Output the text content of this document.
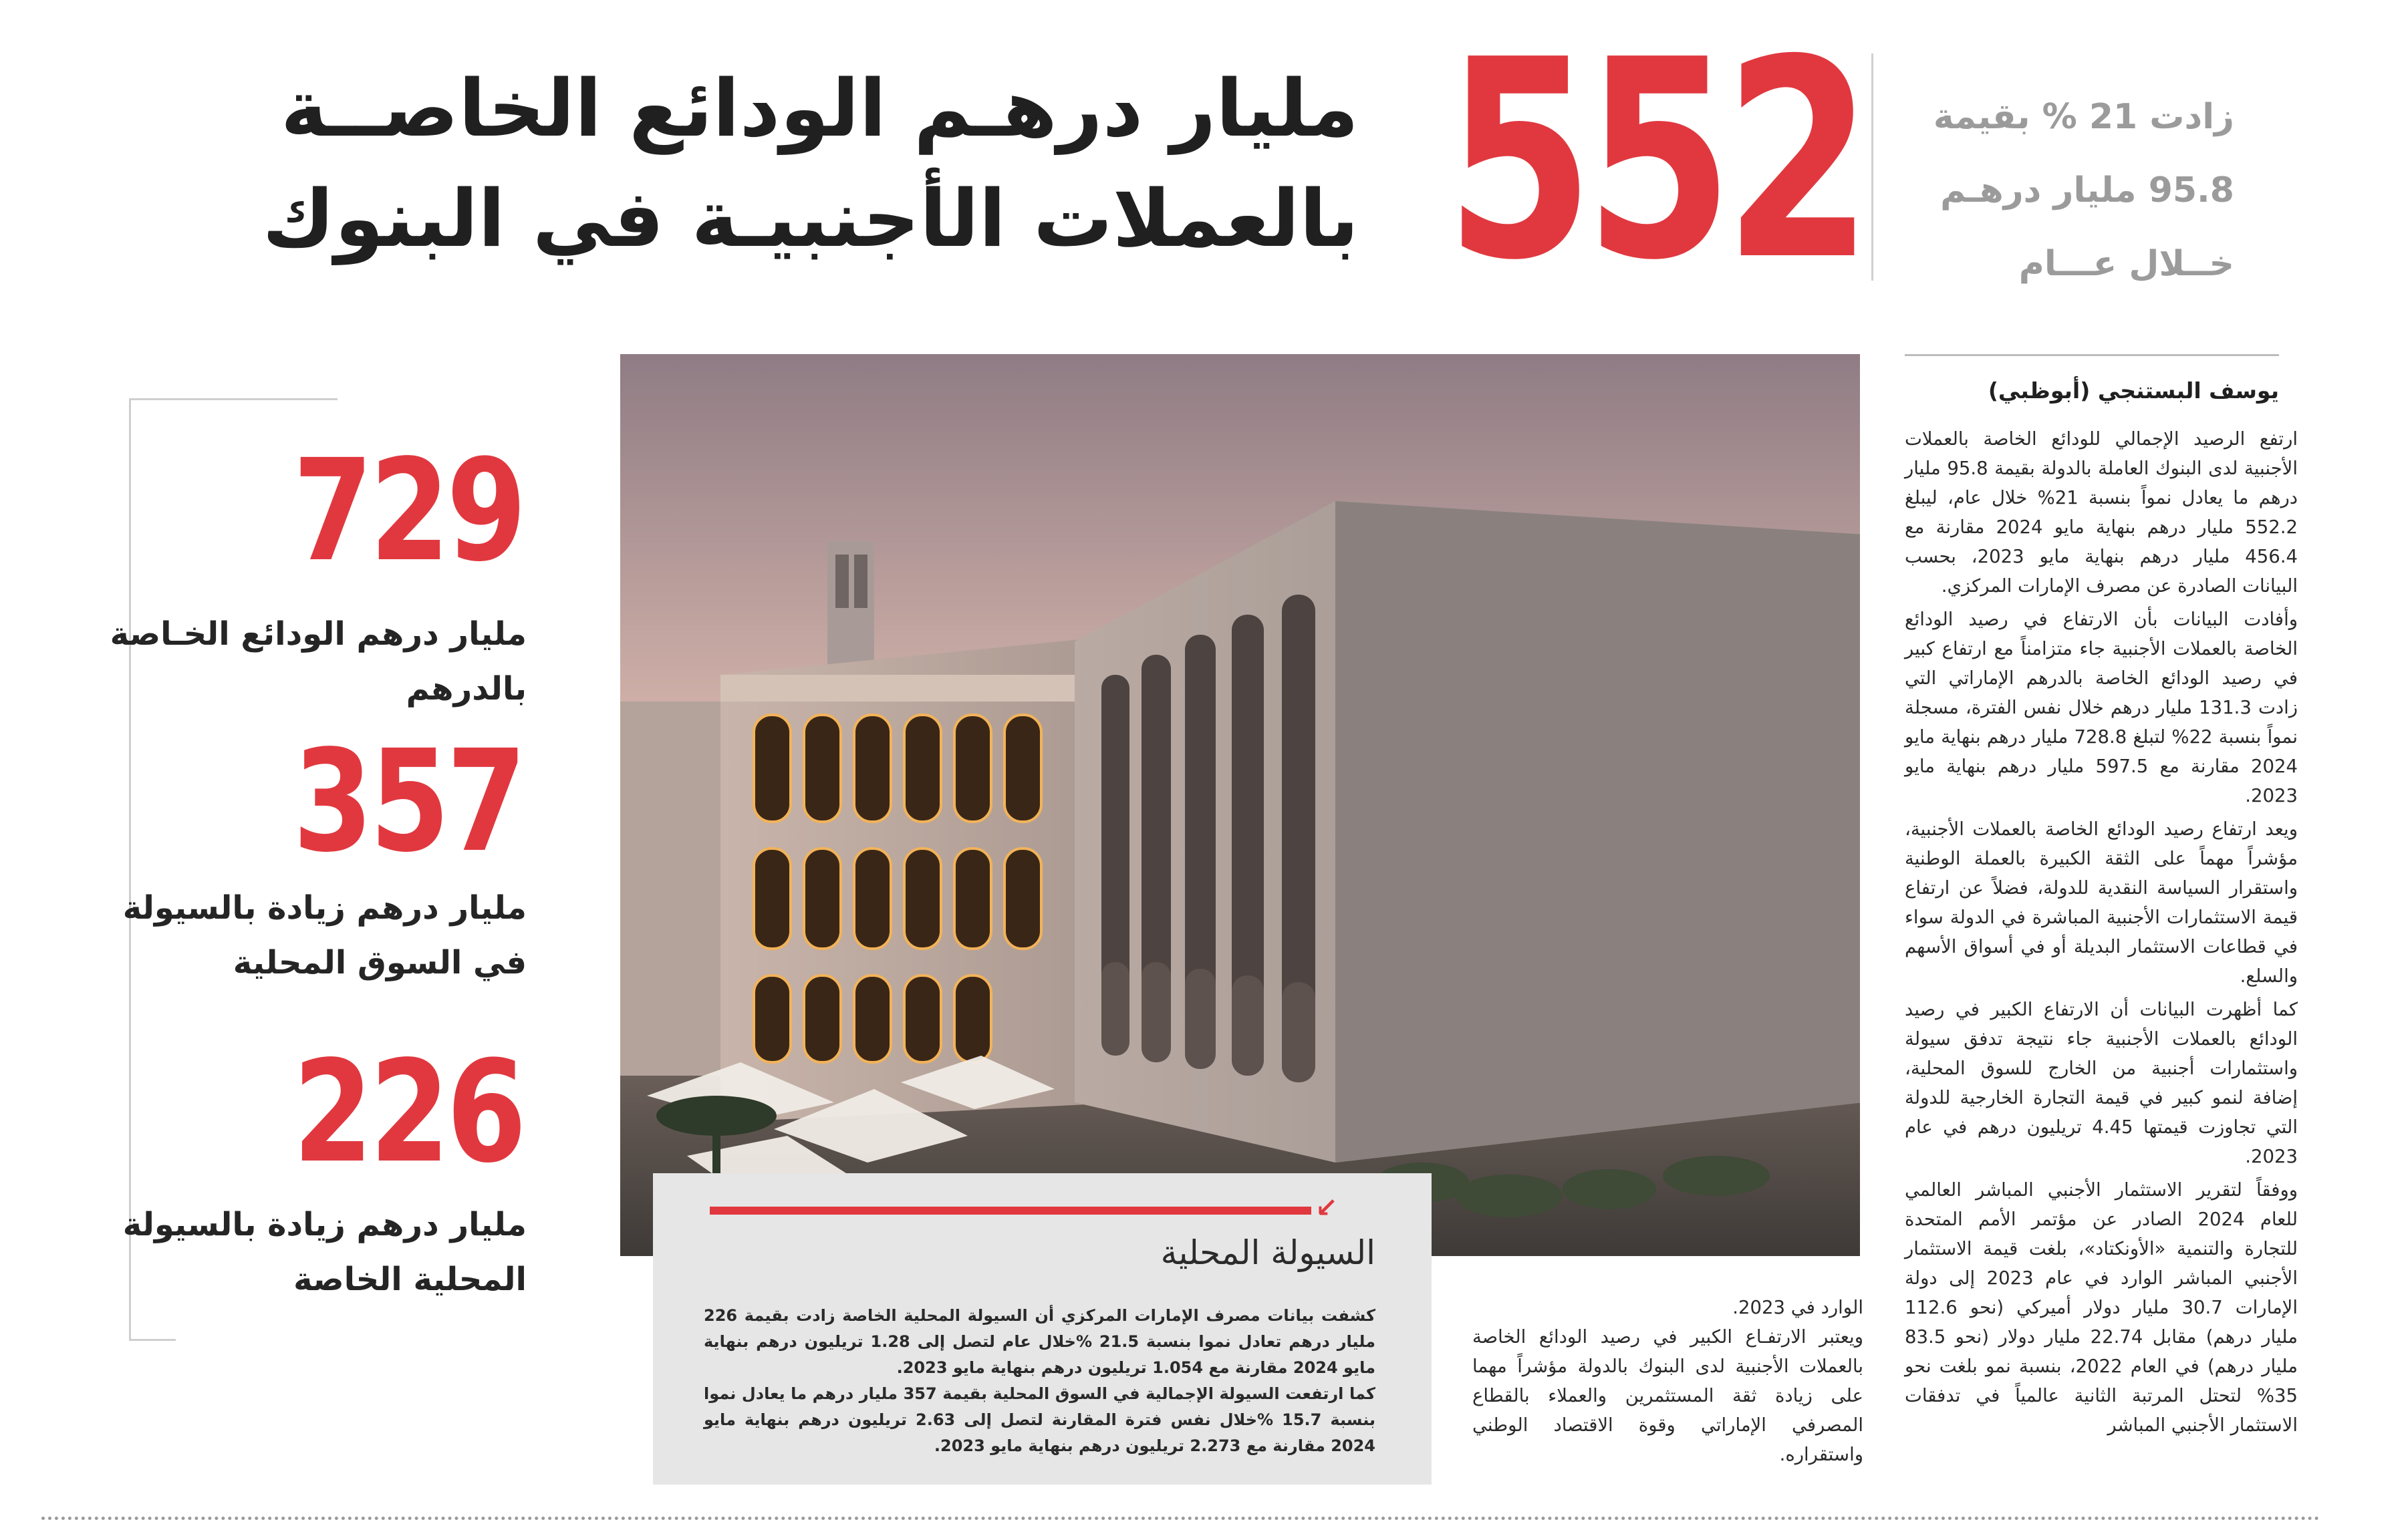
مليار درهـم الودائع الخاصــة
بالعملات الأجنبيـة في البنوك 552	زادت 21 % بقيمة
95.8 مليار درهـم
خــلال عـــام
729
مليار درهم الودائع الخـاصة
بالدرهم
357
مليار درهم زيادة بالسيولة
في السوق المحلية
226
مليار درهم زيادة بالسيولة
المحلية الخاصة
↙
السيولة المحلية

كشفت بيانات مصرف الإمارات المركزي أن السيولة المحلية الخاصة زادت بقيمة 226 مليار درهم تعادل نموا بنسبة 21.5 %خلال عام لتصل إلى 1.28 تريليون درهم بنهاية مايو 2024 مقارنة مع 1.054 تريليون درهم بنهاية مايو 2023.

كما ارتفعت السيولة الإجمالية في السوق المحلية بقيمة 357 مليار درهم ما يعادل نموا بنسبة 15.7 %خلال نفس فترة المقارنة لتصل إلى 2.63 تريليون درهم بنهاية مايو 2024 مقارنة مع 2.273 تريليون درهم بنهاية مايو 2023.

يوسف البستنجي (أبوظبي)

ارتفع الرصيد الإجمالي للودائع الخاصة بالعملات الأجنبية لدى البنوك العاملة بالدولة بقيمة 95.8 مليار درهم ما يعادل نمواً بنسبة 21% خلال عام، ليبلغ 552.2 مليار درهم بنهاية مايو 2024 مقارنة مع 456.4 مليار درهم بنهاية مايو 2023، بحسب البيانات الصادرة عن مصرف الإمارات المركزي.

وأفادت البيانات بأن الارتفاع في رصيد الودائع الخاصة بالعملات الأجنبية جاء متزامناً مع ارتفاع كبير في رصيد الودائع الخاصة بالدرهم الإماراتي التي زادت 131.3 مليار درهم خلال نفس الفترة، مسجلة نمواً بنسبة 22% لتبلغ 728.8 مليار درهم بنهاية مايو 2024 مقارنة مع 597.5 مليار درهم بنهاية مايو 2023.

ويعد ارتفاع رصيد الودائع الخاصة بالعملات الأجنبية، مؤشراً مهماً على الثقة الكبيرة بالعملة الوطنية واستقرار السياسة النقدية للدولة، فضلاً عن ارتفاع قيمة الاستثمارات الأجنبية المباشرة في الدولة سواء في قطاعات الاستثمار البديلة أو في أسواق الأسهم والسلع.

كما أظهرت البيانات أن الارتفاع الكبير في رصيد الودائع بالعملات الأجنبية جاء نتيجة تدفق سيولة واستثمارات أجنبية من الخارج للسوق المحلية، إضافة لنمو كبير في قيمة التجارة الخارجية للدولة التي تجاوزت قيمتها 4.45 تريليون درهم في عام 2023.

ووفقاً لتقرير الاستثمار الأجنبي المباشر العالمي للعام 2024 الصادر عن مؤتمر الأمم المتحدة للتجارة والتنمية «الأونكتاد»، بلغت قيمة الاستثمار الأجنبي المباشر الوارد في عام 2023 إلى دولة الإمارات 30.7 مليار دولار أميركي (نحو 112.6 مليار درهم) مقابل 22.74 مليار دولار (نحو 83.5 مليار درهم) في العام 2022، بنسبة نمو بلغت نحو 35% لتحتل المرتبة الثانية عالمياً في تدفقات الاستثمار الأجنبي المباشر

الوارد في 2023.

ويعتبر الارتفـاع الكبير في رصيد الودائع الخاصة بالعملات الأجنبية لدى البنوك بالدولة مؤشراً مهما على زيادة ثقة المستثمرين والعملاء بالقطاع المصرفي الإماراتي وقوة الاقتصاد الوطني واستقراره.
